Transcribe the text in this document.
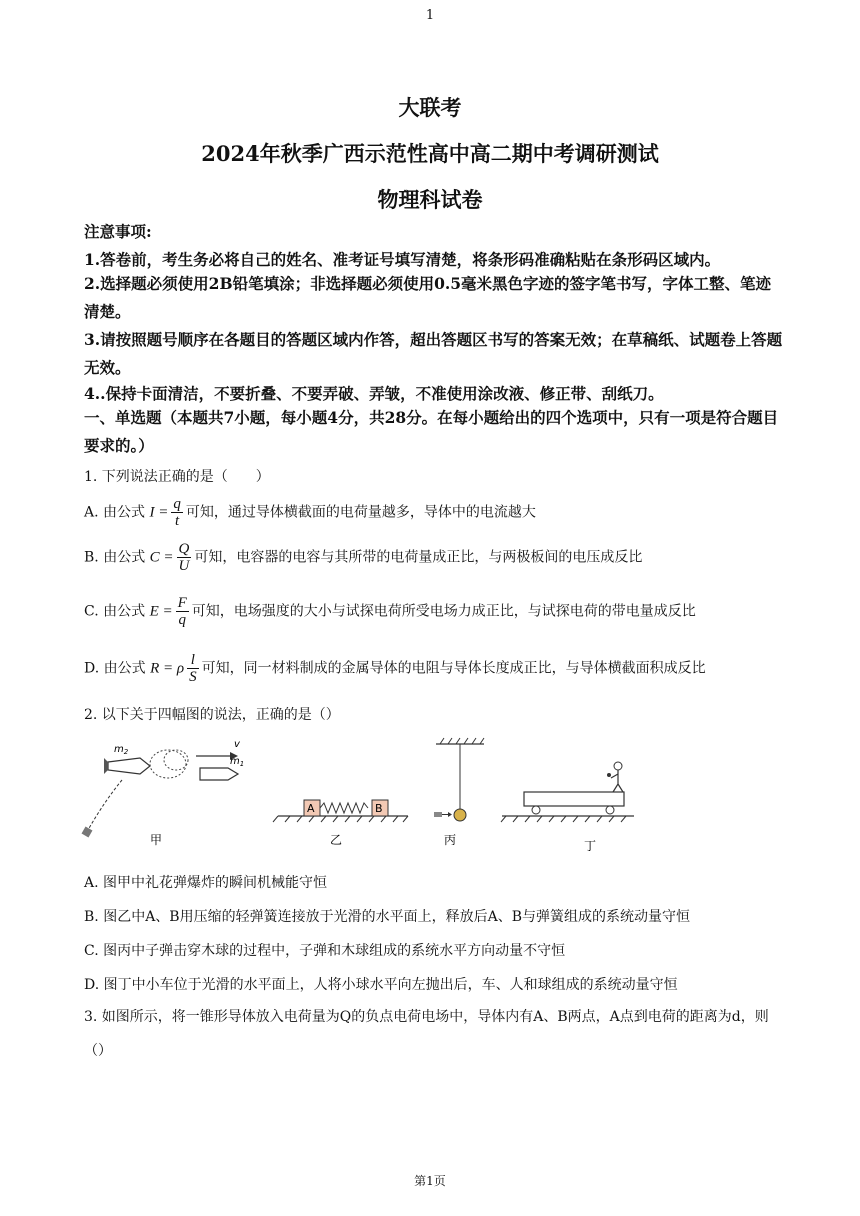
1
大联考
2024年秋季广西示范性高中高二期中考调研测试
物理科试卷
注意事项:
1.答卷前，考生务必将自己的姓名、准考证号填写清楚，将条形码准确粘贴在条形码区域内。
2.选择题必须使用2B铅笔填涂；非选择题必须使用0.5毫米黑色字迹的签字笔书写，字体工整、笔迹清楚。
3.请按照题号顺序在各题目的答题区域内作答，超出答题区书写的答案无效；在草稿纸、试题卷上答题无效。
4..保持卡面清洁，不要折叠、不要弄破、弄皱，不准使用涂改液、修正带、刮纸刀。
一、单选题（本题共7小题，每小题4分，共28分。在每小题给出的四个选项中，只有一项是符合题目要求的。）
1. 下列说法正确的是（　　）
A. 由公式 $I = \frac{q}{t}$ 可知，通过导体横截面的电荷量越多，导体中的电流越大
B. 由公式 $C = \frac{Q}{U}$ 可知，电容器的电容与其所带的电荷量成正比，与两极板间的电压成反比
C. 由公式 $E = \frac{F}{q}$ 可知，电场强度的大小与试探电荷所受电场力成正比，与试探电荷的带电量成反比
D. 由公式 R = ρ $\frac{l}{S}$ 可知，同一材料制成的金属导体的电阻与导体长度成正比，与导体横截面积成反比
2. 以下关于四幅图的说法，正确的是（）
v
$m_2$
$m_1$
甲
A	B
乙	丙	丁
A. 图甲中礼花弹爆炸的瞬间机械能守恒
B. 图乙中A、B用压缩的轻弹簧连接放于光滑的水平面上，释放后A、B与弹簧组成的系统动量守恒
C. 图丙中子弹击穿木球的过程中，子弹和木球组成的系统水平方向动量不守恒
D. 图丁中小车位于光滑的水平面上，人将小球水平向左抛出后，车、人和球组成的系统动量守恒
3. 如图所示，将一锥形导体放入电荷量为Q的负点电荷电场中，导体内有A、B两点，A点到电荷的距离为d，则（）
第1页
